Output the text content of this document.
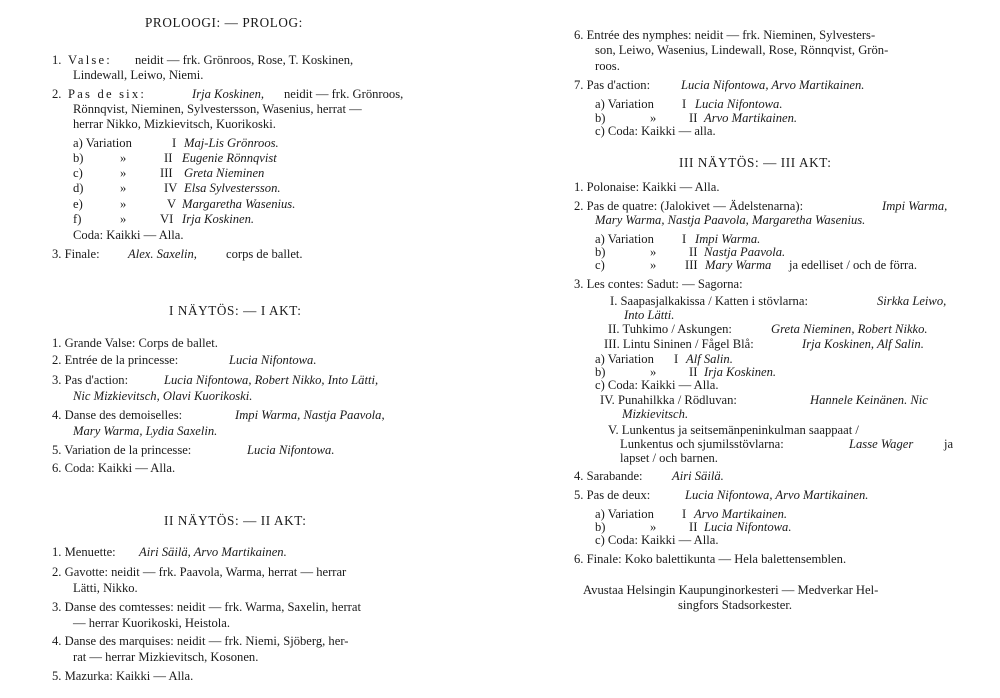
PROLOOGI: — PROLOG:
1. Valse: neidit — frk. Grönroos, Rose, T. Koskinen,
Lindewall, Leiwo, Niemi.
2. Pas de six:	Irja Koskinen, neidit — frk. Grönroos,
Rönnqvist, Nieminen, Sylvestersson, Wasenius, herrat —
herrar Nikko, Mizkievitsch, Kuorikoski.
a) Variation	I Maj-Lis Grönroos.
b)	»	II Eugenie Rönnqvist
c)	»	III Greta Nieminen
d)	»	IV Elsa Sylvestersson.
e)	»	V Margaretha Wasenius.
f)	»	VI Irja Koskinen.
Coda: Kaikki — Alla.
3. Finale: Alex. Saxelin, corps de ballet.
I NÄYTÖS: — I AKT:
1. Grande Valse: Corps de ballet.
2. Entrée de la princesse:	Lucia Nifontowa.
3. Pas d'action:	Lucia Nifontowa, Robert Nikko, Into Lätti,
Nic Mizkievitsch, Olavi Kuorikoski.
4. Danse des demoiselles:	Impi Warma, Nastja Paavola,
Mary Warma, Lydia Saxelin.
5. Variation de la princesse:	Lucia Nifontowa.
6. Coda: Kaikki — Alla.
II NÄYTÖS: — II AKT:
1. Menuette: Airi Säilä, Arvo Martikainen.
2. Gavotte: neidit — frk. Paavola, Warma, herrat — herrar
Lätti, Nikko.
3. Danse des comtesses: neidit — frk. Warma, Saxelin, herrat
— herrar Kuorikoski, Heistola.
4. Danse des marquises: neidit — frk. Niemi, Sjöberg, her-
rat — herrar Mizkievitsch, Kosonen.
5. Mazurka: Kaikki — Alla.
6. Entrée des nymphes: neidit — frk. Nieminen, Sylvesters-
son, Leiwo, Wasenius, Lindewall, Rose, Rönnqvist, Grön-
roos.
7. Pas d'action: Lucia Nifontowa, Arvo Martikainen.
a) Variation I Lucia Nifontowa.
b)	»	II Arvo Martikainen.
c) Coda: Kaikki — alla.
III NÄYTÖS: — III AKT:
1. Polonaise: Kaikki — Alla.
2. Pas de quatre: (Jalokivet — Ädelstenarna):	Impi Warma,
Mary Warma, Nastja Paavola, Margaretha Wasenius.
a) Variation I Impi Warma.
b)	»	II Nastja Paavola.
c)	» III Mary Warma ja edelliset / och de förra.
3. Les contes: Sadut: — Sagorna:
I. Saapasjalkakissa / Katten i stövlarna:	Sirkka Leiwo,
Into Lätti.
II. Tuhkimo / Askungen:	Greta Nieminen, Robert Nikko.
III. Lintu Sininen / Fågel Blå:	Irja Koskinen, Alf Salin.
a) Variation I Alf Salin.
b)	»	II Irja Koskinen.
c) Coda: Kaikki — Alla.
IV. Punahilkka / Rödluvan:	Hannele Keinänen. Nic
Mizkievitsch.
V. Lunkentus ja seitsemänpeninkulman saappaat /
Lunkentus och sjumilsstövlarna:	Lasse Wager ja
lapset / och barnen.
4. Sarabande: Airi Säilä.
5. Pas de deux:	Lucia Nifontowa, Arvo Martikainen.
a) Variation I Arvo Martikainen.
b)	»	II Lucia Nifontowa.
c) Coda: Kaikki — Alla.
6. Finale: Koko balettikunta — Hela balettensemblen.
Avustaa Helsingin Kaupunginorkesteri — Medverkar Hel-
singfors Stadsorkester.
